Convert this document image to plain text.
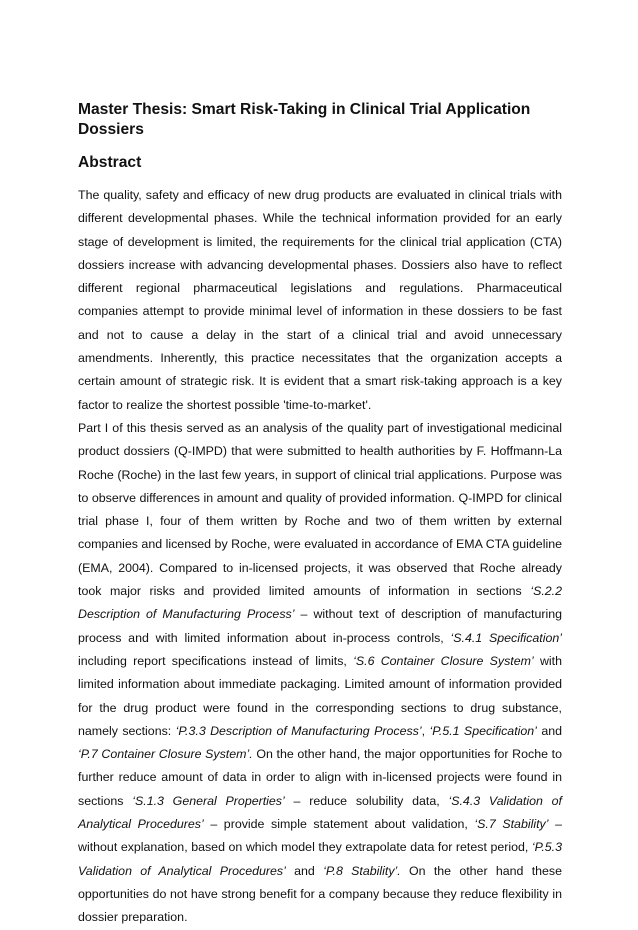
Master Thesis: Smart Risk-Taking in Clinical Trial Application Dossiers
Abstract

The quality, safety and efficacy of new drug products are evaluated in clinical trials with different developmental phases. While the technical information provided for an early stage of development is limited, the requirements for the clinical trial application (CTA) dossiers increase with advancing developmental phases. Dossiers also have to reflect different regional pharmaceutical legislations and regulations. Pharmaceutical companies attempt to provide minimal level of information in these dossiers to be fast and not to cause a delay in the start of a clinical trial and avoid unnecessary amendments. Inherently, this practice necessitates that the organization accepts a certain amount of strategic risk. It is evident that a smart risk-taking approach is a key factor to realize the shortest possible 'time-to-market'.

Part I of this thesis served as an analysis of the quality part of investigational medicinal product dossiers (Q-IMPD) that were submitted to health authorities by F. Hoffmann-La Roche (Roche) in the last few years, in support of clinical trial applications. Purpose was to observe differences in amount and quality of provided information. Q-IMPD for clinical trial phase I, four of them written by Roche and two of them written by external companies and licensed by Roche, were evaluated in accordance of EMA CTA guideline (EMA, 2004). Compared to in-licensed projects, it was observed that Roche already took major risks and provided limited amounts of information in sections ‘S.2.2 Description of Manufacturing Process’ – without text of description of manufacturing process and with limited information about in-process controls, ‘S.4.1 Specification’ including report specifications instead of limits, ‘S.6 Container Closure System’ with limited information about immediate packaging. Limited amount of information provided for the drug product were found in the corresponding sections to drug substance, namely sections: ‘P.3.3 Description of Manufacturing Process’, ‘P.5.1 Specification’ and ‘P.7 Container Closure System’. On the other hand, the major opportunities for Roche to further reduce amount of data in order to align with in-licensed projects were found in sections ‘S.1.3 General Properties’ – reduce solubility data, ‘S.4.3 Validation of Analytical Procedures’ – provide simple statement about validation, ‘S.7 Stability’ – without explanation, based on which model they extrapolate data for retest period, ‘P.5.3 Validation of Analytical Procedures’ and ‘P.8 Stability’. On the other hand these opportunities do not have strong benefit for a company because they reduce flexibility in dossier preparation.
